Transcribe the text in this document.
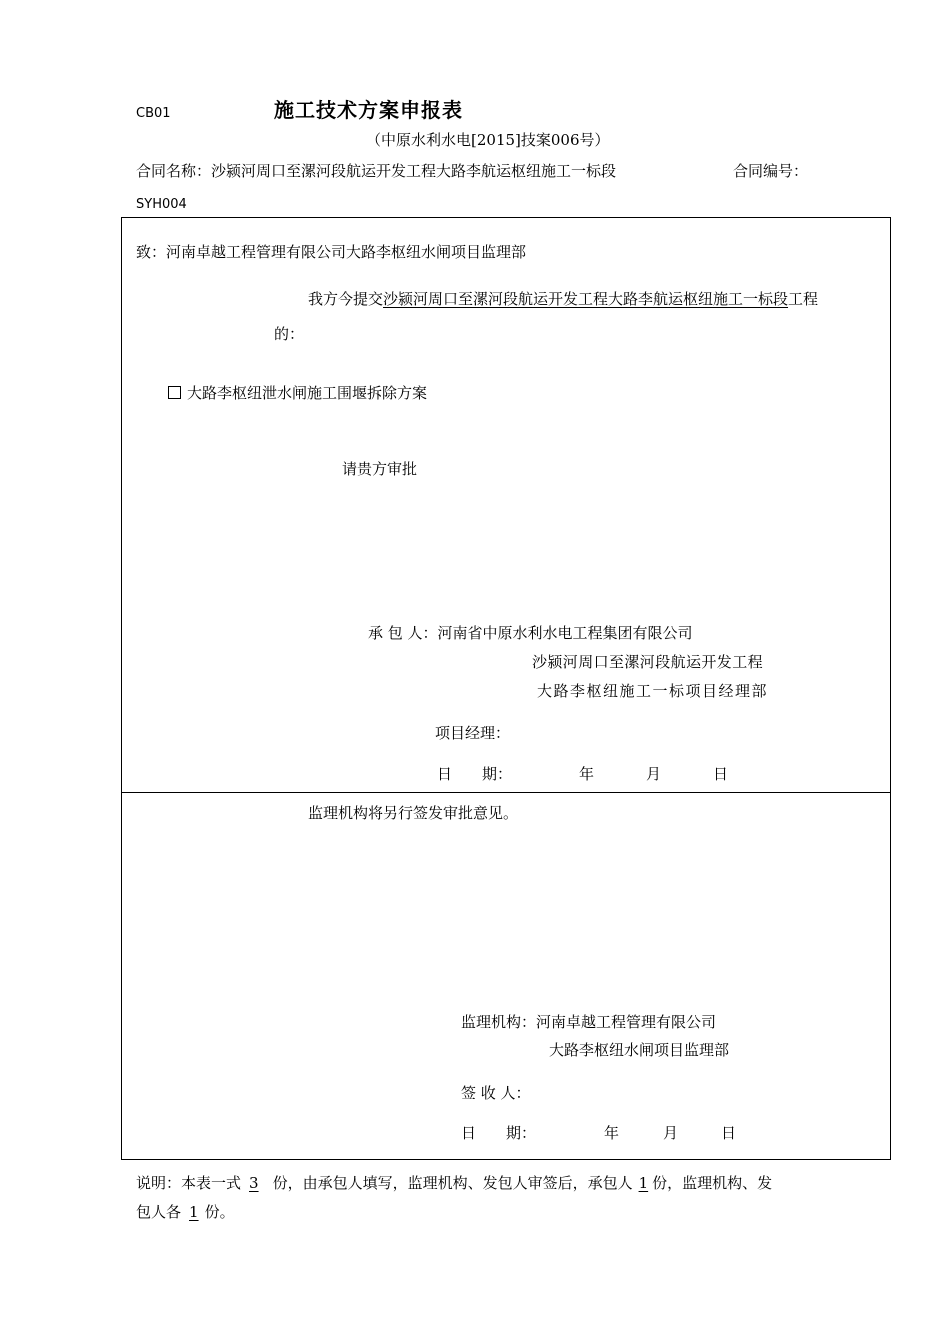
CB01	施工技术方案申报表
（中原水利水电[2015]技案006号）
合同名称：沙颍河周口至漯河段航运开发工程大路李航运枢纽施工一标段	合同编号：
SYH004
致：河南卓越工程管理有限公司大路李枢纽水闸项目监理部
我方今提交沙颍河周口至漯河段航运开发工程大路李航运枢纽施工一标段工程
的：
大路李枢纽泄水闸施工围堰拆除方案
请贵方审批
承 包 人：河南省中原水利水电工程集团有限公司
沙颍河周口至漯河段航运开发工程
大路李枢纽施工一标项目经理部
项目经理：
日　　期：	年	月	日
监理机构将另行签发审批意见。
监理机构：河南卓越工程管理有限公司
大路李枢纽水闸项目监理部
签 收 人：
日　　期：	年	月	日
说明：本表一式 3 份，由承包人填写，监理机构、发包人审签后，承包人 1 份，监理机构、发
包人各 1 份。
